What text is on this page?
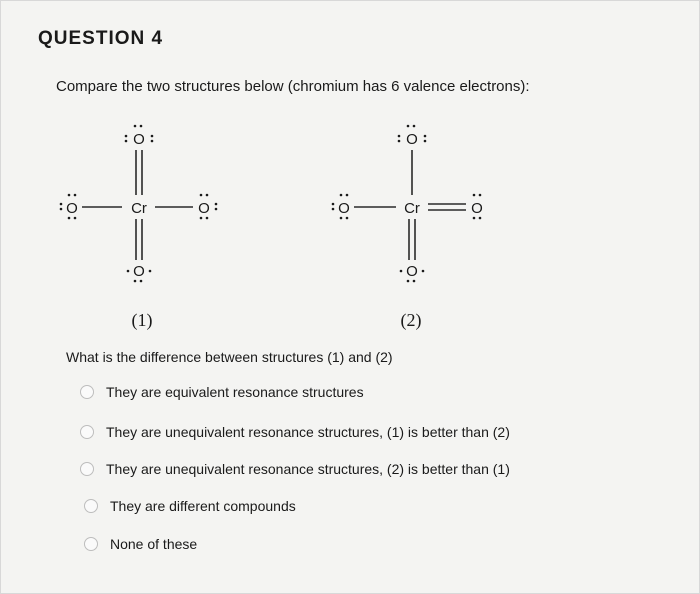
QUESTION 4
Compare the two structures below (chromium has 6 valence electrons):
O
Cr
O	O
O
(1)
O
Cr
O	O
O
(2)
What is the difference between structures (1) and (2)
They are equivalent resonance structures
They are unequivalent resonance structures, (1) is better than (2)
They are unequivalent resonance structures, (2) is better than (1)
They are different compounds
None of these
